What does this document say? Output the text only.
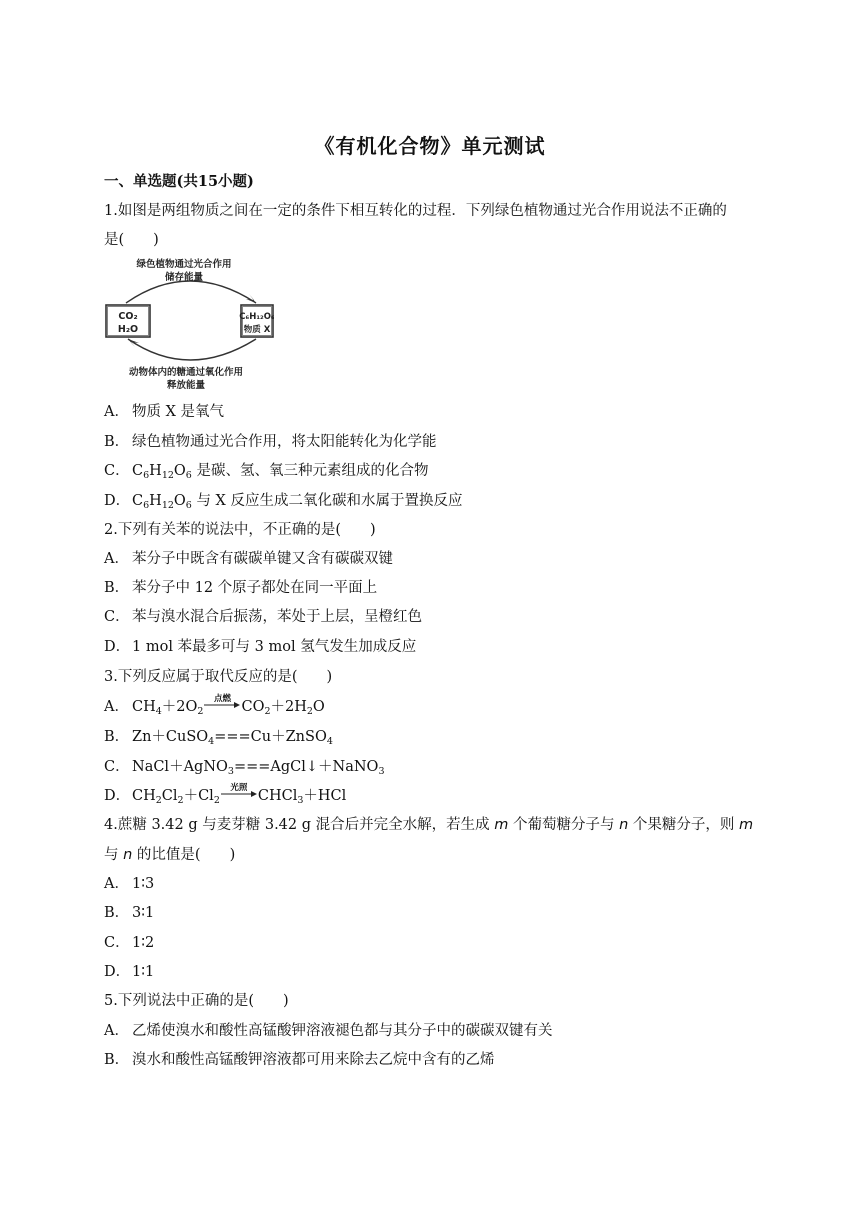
《有机化合物》单元测试
一、单选题(共15小题)
1.如图是两组物质之间在一定的条件下相互转化的过程．下列绿色植物通过光合作用说法不正确的
是(　　)
绿色植物通过光合作用
储存能量
CO₂
H₂O
C₆H₁₂O₆
物质 X
动物体内的糖通过氧化作用
释放能量
A． 物质 X 是氧气
B． 绿色植物通过光合作用，将太阳能转化为化学能
C． $C_6H_{12}O_6$ 是碳、氢、氧三种元素组成的化合物
D． $C_6H_{12}O_6$ 与 X 反应生成二氧化碳和水属于置换反应
2.下列有关苯的说法中，不正确的是(　　)
A． 苯分子中既含有碳碳单键又含有碳碳双键
B． 苯分子中 12 个原子都处在同一平面上
C． 苯与溴水混合后振荡，苯处于上层，呈橙红色
D． 1 mol 苯最多可与 3 mol 氢气发生加成反应
3.下列反应属于取代反应的是(　　)
A． $CH_4+2O_2$
点燃 $CO_2+2H_2O$
B． Zn＋CuSO$_4$===Cu＋ZnSO$_4$
C． NaCl＋AgNO$_3$===AgCl↓＋NaNO$_3$
D． $CH_2Cl_2+Cl_2$
光照 CHCl$_3$＋HCl
4.蔗糖 3.42 g 与麦芽糖 3.42 g 混合后并完全水解，若生成 m 个葡萄糖分子与 n 个果糖分子，则 m
与 n 的比值是(　　)
A． 1∶3
B． 3∶1
C． 1∶2
D． 1∶1
5.下列说法中正确的是(　　)
A． 乙烯使溴水和酸性高锰酸钾溶液褪色都与其分子中的碳碳双键有关
B． 溴水和酸性高锰酸钾溶液都可用来除去乙烷中含有的乙烯
